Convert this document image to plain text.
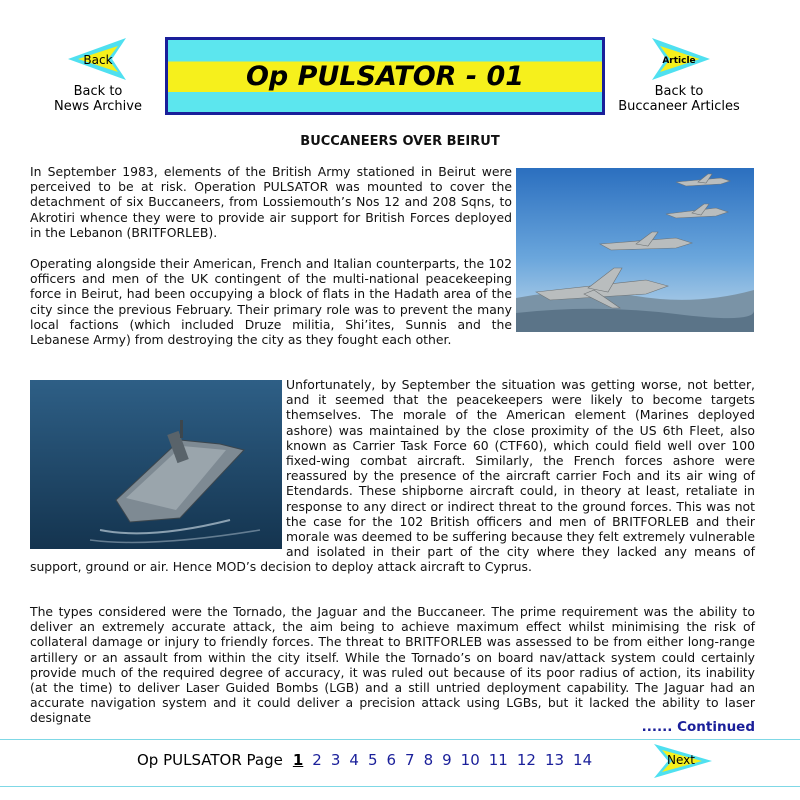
Back
Back to
News Archive
Op PULSATOR - 01	Article
Back to
Buccaneer Articles
BUCCANEERS OVER BEIRUT
In September 1983, elements of the British Army stationed in Beirut were perceived to be at risk. Operation PULSATOR was mounted to cover the detachment of six Buccaneers, from Lossiemouth’s Nos 12 and 208 Sqns, to Akrotiri whence they were to provide air support for British Forces deployed in the Lebanon (BRITFORLEB).
Operating alongside their American, French and Italian counterparts, the 102 officers and men of the UK contingent of the multi-national peacekeeping force in Beirut, had been occupying a block of flats in the Hadath area of the city since the previous February. Their primary role was to prevent the many local factions (which included Druze militia, Shi’ites, Sunnis and the Lebanese Army) from destroying the city as they fought each other.
Unfortunately, by September the situation was getting worse, not better, and it seemed that the peacekeepers were likely to become targets themselves. The morale of the American element (Marines deployed ashore) was maintained by the close proximity of the US 6th Fleet, also known as Carrier Task Force 60 (CTF60), which could field well over 100 fixed-wing combat aircraft. Similarly, the French forces ashore were reassured by the presence of the aircraft carrier Foch and its air wing of Etendards. These shipborne aircraft could, in theory at least, retaliate in response to any direct or indirect threat to the ground forces. This was not the case for the 102 British officers and men of BRITFORLEB and their morale was deemed to be suffering because they felt extremely vulnerable and isolated in their part of the city where they lacked any means of support, ground or air. Hence MOD’s decision to deploy attack aircraft to Cyprus.
The types considered were the Tornado, the Jaguar and the Buccaneer. The prime requirement was the ability to deliver an extremely accurate attack, the aim being to achieve maximum effect whilst minimising the risk of collateral damage or injury to friendly forces. The threat to BRITFORLEB was assessed to be from either long-range artillery or an assault from within the city itself. While the Tornado’s on board nav/attack system could certainly provide much of the required degree of accuracy, it was ruled out because of its poor radius of action, its inability (at the time) to deliver Laser Guided Bombs (LGB) and a still untried deployment capability. The Jaguar had an accurate navigation system and it could deliver a precision attack using LGBs, but it lacked the ability to laser designate
...... Continued
Op PULSATOR Page 1 2 3 4 5 6 7 8 9 10 11 12 13 14	Next
